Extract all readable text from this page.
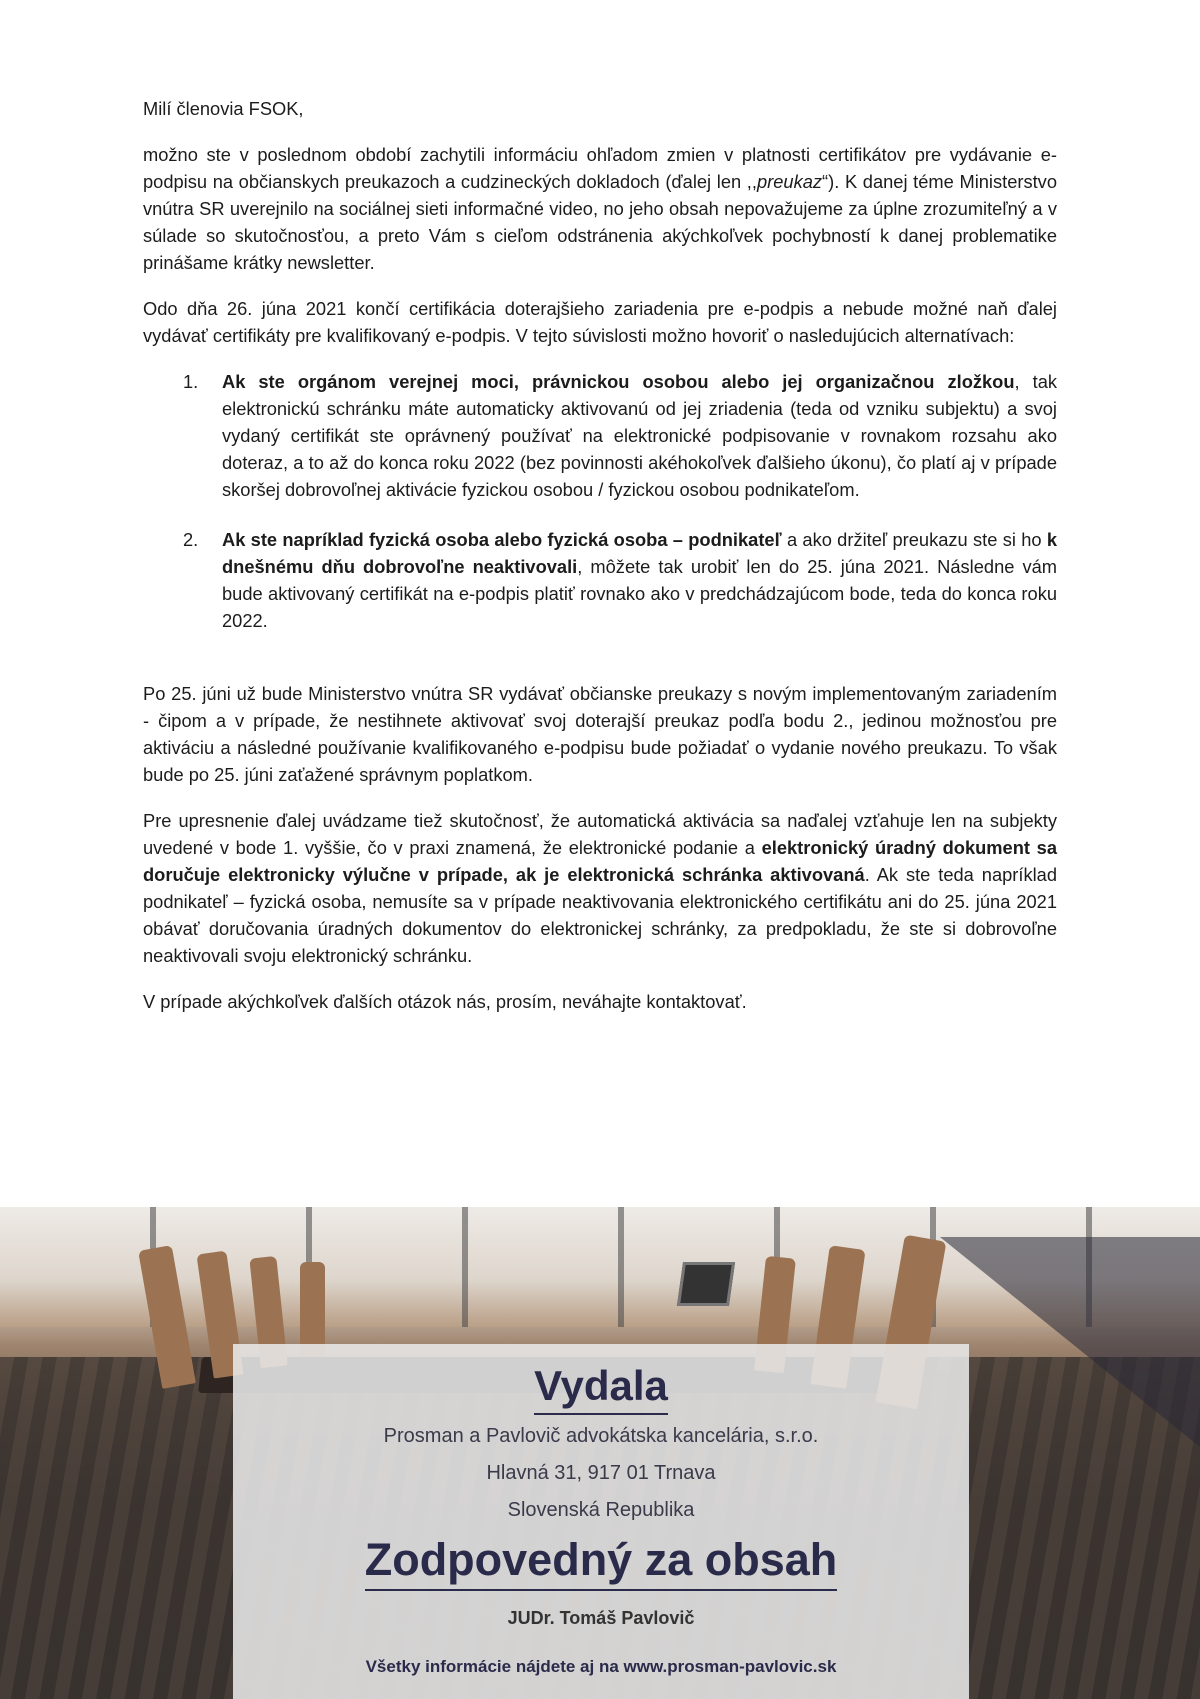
Milí členovia FSOK,

možno ste v poslednom období zachytili informáciu ohľadom zmien v platnosti certifikátov pre vydávanie e-podpisu na občianskych preukazoch a cudzineckých dokladoch (ďalej len ,,preukaz“). K danej téme Ministerstvo vnútra SR uverejnilo na sociálnej sieti informačné video, no jeho obsah nepovažujeme za úplne zrozumiteľný a v súlade so skutočnosťou, a preto Vám s cieľom odstránenia akýchkoľvek pochybností k danej problematike prinášame krátky newsletter.

Odo dňa 26. júna 2021 končí certifikácia doterajšieho zariadenia pre e-podpis a nebude možné naň ďalej vydávať certifikáty pre kvalifikovaný e-podpis. V tejto súvislosti možno hovoriť o nasledujúcich alternatívach:

1. Ak ste orgánom verejnej moci, právnickou osobou alebo jej organizačnou zložkou, tak elektronickú schránku máte automaticky aktivovanú od jej zriadenia (teda od vzniku subjektu) a svoj vydaný certifikát ste oprávnený používať na elektronické podpisovanie v rovnakom rozsahu ako doteraz, a to až do konca roku 2022 (bez povinnosti akéhokoľvek ďalšieho úkonu), čo platí aj v prípade skoršej dobrovoľnej aktivácie fyzickou osobou / fyzickou osobou podnikateľom.
2. Ak ste napríklad fyzická osoba alebo fyzická osoba – podnikateľ a ako držiteľ preukazu ste si ho k dnešnému dňu dobrovoľne neaktivovali, môžete tak urobiť len do 25. júna 2021. Následne vám bude aktivovaný certifikát na e-podpis platiť rovnako ako v predchádzajúcom bode, teda do konca roku 2022.

Po 25. júni už bude Ministerstvo vnútra SR vydávať občianske preukazy s novým implementovaným zariadením - čipom a v prípade, že nestihnete aktivovať svoj doterajší preukaz podľa bodu 2., jedinou možnosťou pre aktiváciu a následné používanie kvalifikovaného e-podpisu bude požiadať o vydanie nového preukazu. To však bude po 25. júni zaťažené správnym poplatkom.

Pre upresnenie ďalej uvádzame tiež skutočnosť, že automatická aktivácia sa naďalej vzťahuje len na subjekty uvedené v bode 1. vyššie, čo v praxi znamená, že elektronické podanie a elektronický úradný dokument sa doručuje elektronicky výlučne v prípade, ak je elektronická schránka aktivovaná. Ak ste teda napríklad podnikateľ – fyzická osoba, nemusíte sa v prípade neaktivovania elektronického certifikátu ani do 25. júna 2021 obávať doručovania úradných dokumentov do elektronickej schránky, za predpokladu, že ste si dobrovoľne neaktivovali svoju elektronický schránku.

V prípade akýchkoľvek ďalších otázok nás, prosím, neváhajte kontaktovať.

Vydala
Prosman a Pavlovič advokátska kancelária, s.r.o.
Hlavná 31, 917 01 Trnava
Slovenská Republika
Zodpovedný za obsah
JUDr. Tomáš Pavlovič
Všetky informácie nájdete aj na www.prosman-pavlovic.sk
